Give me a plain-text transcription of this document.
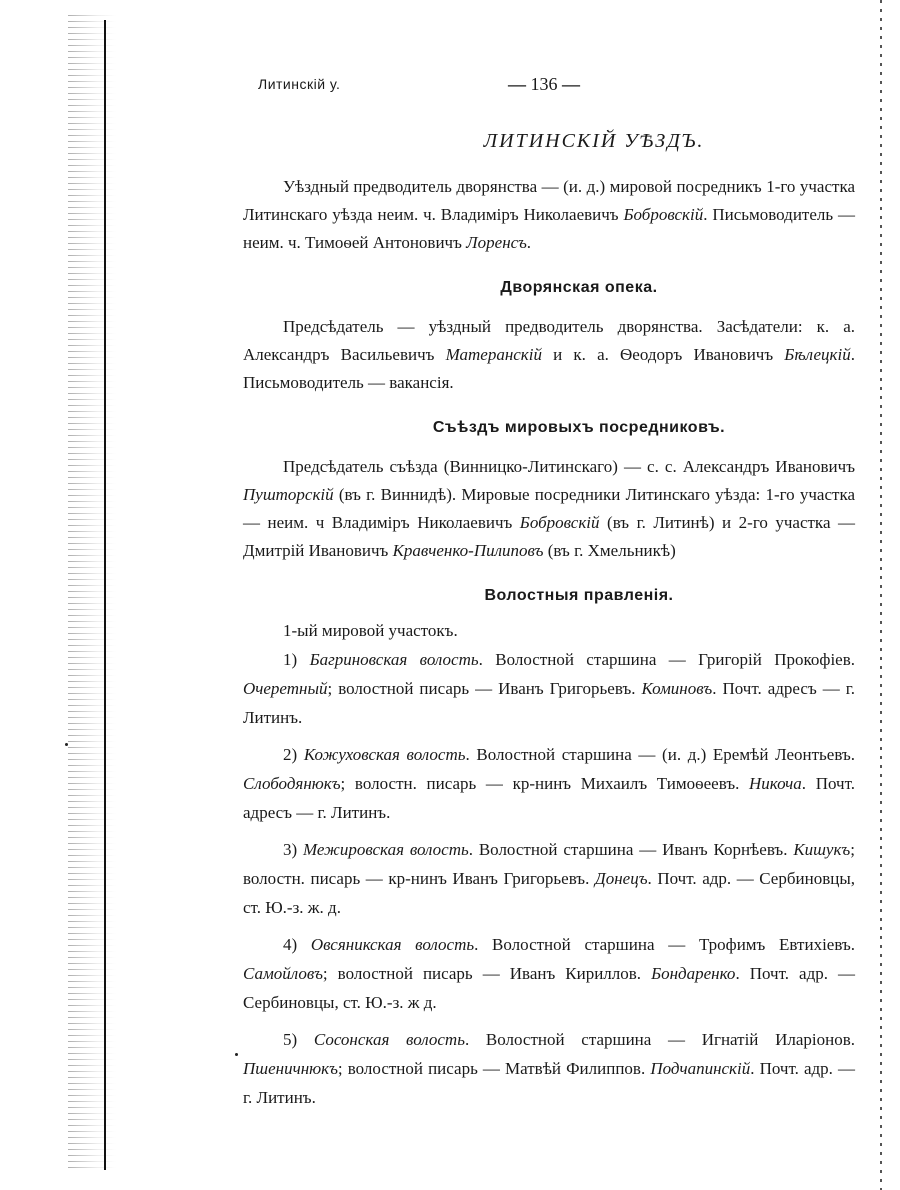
Литинскiй у.	— 136 —
ЛИТИНСКIЙ УѢЗДЪ.

Уѣздный предводитель дворянства — (и. д.) мировой посредникъ 1-го участка Литинскаго уѣзда неим. ч. Владимiръ Николаевичъ Бобровскiй. Письмоводитель — неим. ч. Тимоѳей Антоновичъ Лоренсъ.

Дворянская опека.

Предсѣдатель — уѣздный предводитель дворянства. Засѣдатели: к. а. Александръ Васильевичъ Матеранскiй и к. а. Ѳеодоръ Ивановичъ Бѣлецкiй. Письмоводитель — вакансiя.

Съѣздъ мировыхъ посредниковъ.

Предсѣдатель съѣзда (Винницко-Литинскаго) — с. с. Александръ Ивановичъ Пушторскiй (въ г. Виннидѣ). Мировые посредники Литинскаго уѣзда: 1-го участка — неим. ч Владимiръ Николаевичъ Бобровскiй (въ г. Литинѣ) и 2-го участка — Дмитрiй Ивановичъ Кравченко-Пилиповъ (въ г. Хмельникѣ)

Волостныя правленiя.
1-ый мировой участокъ.

1) Багриновская волость. Волостной старшина — Григорiй Прокофiев. Очеретный; волостной писарь — Иванъ Григорьевъ. Коминовъ. Почт. адресъ — г. Литинъ.

2) Кожуховская волость. Волостной старшина — (и. д.) Еремѣй Леонтьевъ. Слободянюкъ; волостн. писарь — кр-нинъ Михаилъ Тимоѳеевъ. Никоча. Почт. адресъ — г. Литинъ.

3) Межировская волость. Волостной старшина — Иванъ Корнѣевъ. Кишукъ; волостн. писарь — кр-нинъ Иванъ Григорьевъ. Донецъ. Почт. адр. — Сербиновцы, ст. Ю.-з. ж. д.

4) Овсяникская волость. Волостной старшина — Трофимъ Евтихiевъ. Самойловъ; волостной писарь — Иванъ Кириллов. Бондаренко. Почт. адр. — Сербиновцы, ст. Ю.-з. ж д.

5) Сосонская волость. Волостной старшина — Игнатiй Иларiонов. Пшеничнюкъ; волостной писарь — Матвѣй Филиппов. Подчапинскiй. Почт. адр. — г. Литинъ.
